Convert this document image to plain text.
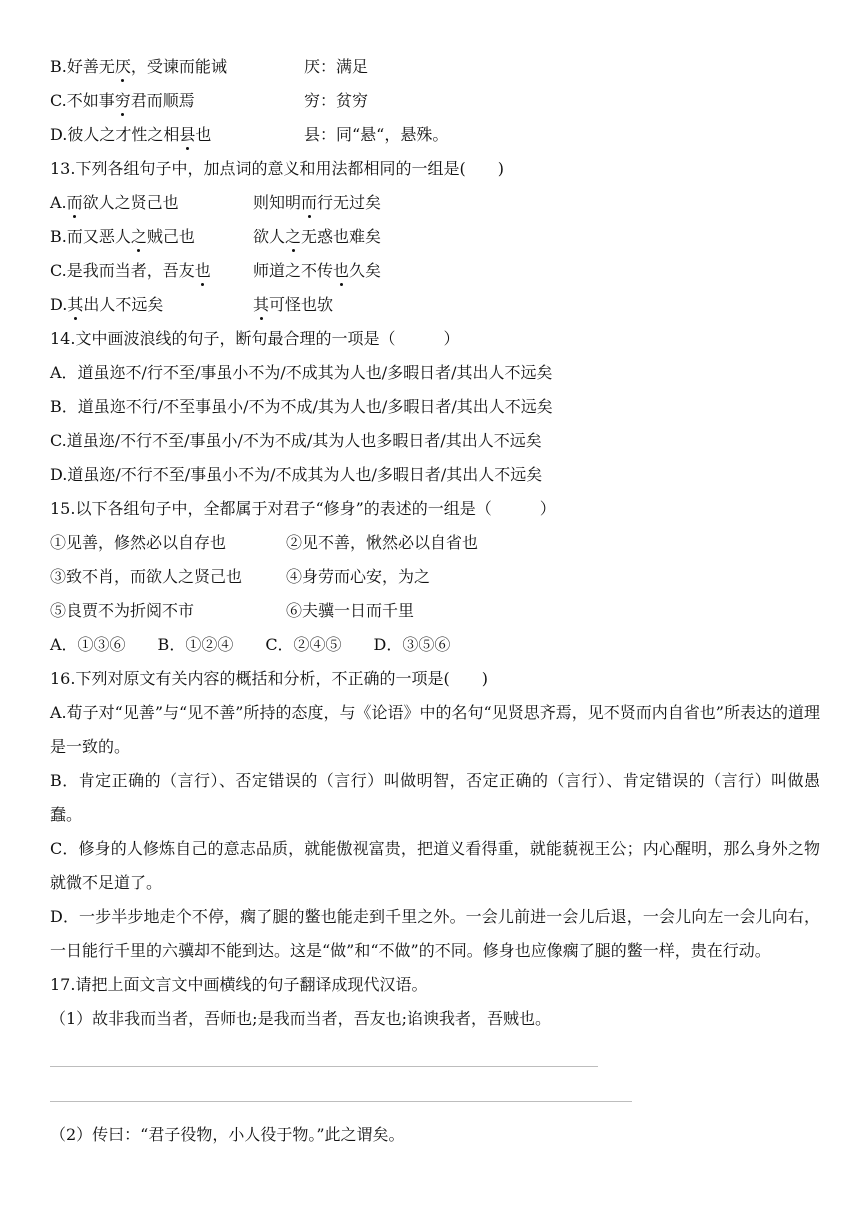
B.好善无厌，受谏而能诫	厌：满足
C.不如事穷君而顺焉	穷：贫穷
D.彼人之才性之相县也	县：同“悬“，悬殊。
13.下列各组句子中，加点词的意义和用法都相同的一组是(　　)
A.而欲人之贤己也	则知明而行无过矣
B.而又恶人之贼己也	欲人之无惑也难矣
C.是我而当者，吾友也	师道之不传也久矣
D.其出人不远矣	其可怪也欤
14.文中画波浪线的句子，断句最合理的一项是（　　　）
A．道虽迩不/行不至/事虽小不为/不成其为人也/多暇日者/其出人不远矣
B．道虽迩不行/不至事虽小/不为不成/其为人也/多暇日者/其出人不远矣
C.道虽迩/不行不至/事虽小/不为不成/其为人也多暇日者/其出人不远矣
D.道虽迩/不行不至/事虽小不为/不成其为人也/多暇日者/其出人不远矣
15.以下各组句子中，全都属于对君子“修身”的表述的一组是（　　　）
①见善，修然必以自存也	②见不善，愀然必以自省也
③致不肖，而欲人之贤己也	④身劳而心安，为之
⑤良贾不为折阅不市	⑥夫骥一日而千里
A．①③⑥　　B．①②④　　C．②④⑤　　D．③⑤⑥
16.下列对原文有关内容的概括和分析，不正确的一项是(　　)
A.荀子对“见善”与“见不善”所持的态度，与《论语》中的名句“见贤思齐焉，见不贤而内自省也”所表达的道理是一致的。
B．肯定正确的（言行）、否定错误的（言行）叫做明智，否定正确的（言行）、肯定错误的（言行）叫做愚蠢。
C．修身的人修炼自己的意志品质，就能傲视富贵，把道义看得重，就能藐视王公；内心醒明，那么身外之物就微不足道了。
D．一步半步地走个不停，瘸了腿的鳖也能走到千里之外。一会儿前进一会儿后退，一会儿向左一会儿向右，一日能行千里的六骥却不能到达。这是“做”和“不做”的不同。修身也应像瘸了腿的鳖一样，贵在行动。
17.请把上面文言文中画横线的句子翻译成现代汉语。
（1）故非我而当者，吾师也;是我而当者，吾友也;谄谀我者，吾贼也。
（2）传曰：“君子役物，小人役于物。”此之谓矣。
